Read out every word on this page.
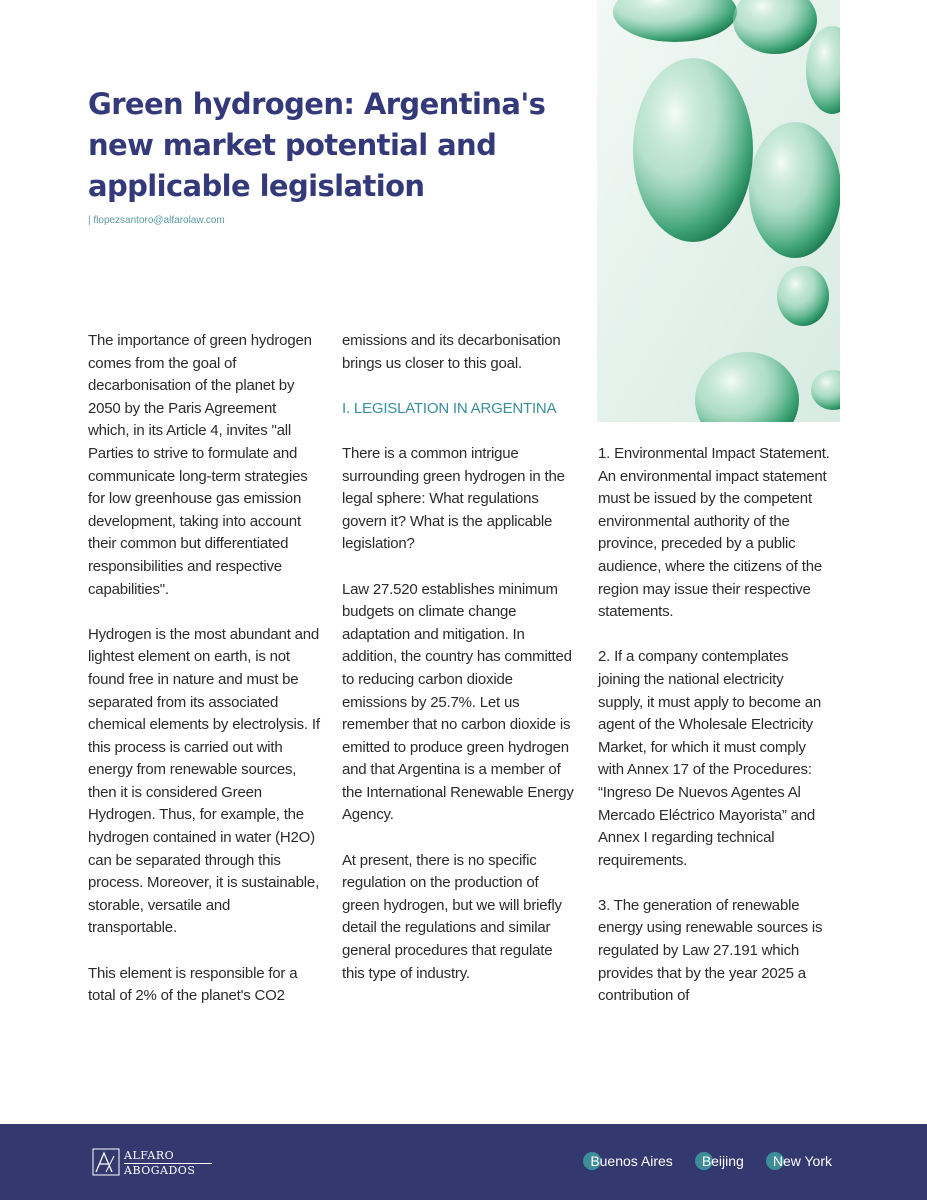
Green hydrogen: Argentina's new market potential and applicable legislation
| flopezsantoro@alfarolaw.com

The importance of green hydrogen comes from the goal of decarbonisation of the planet by 2050 by the Paris Agreement which, in its Article 4, invites "all Parties to strive to formulate and communicate long-term strategies for low greenhouse gas emission development, taking into account their common but differentiated responsibilities and respective capabilities".

Hydrogen is the most abundant and lightest element on earth, is not found free in nature and must be separated from its associated chemical elements by electrolysis. If this process is carried out with energy from renewable sources, then it is considered Green Hydrogen. Thus, for example, the hydrogen contained in water (H2O) can be separated through this process. Moreover, it is sustainable, storable, versatile and transportable.

This element is responsible for a total of 2% of the planet's CO2

emissions and its decarbonisation brings us closer to this goal.

I. LEGISLATION IN ARGENTINA

There is a common intrigue surrounding green hydrogen in the legal sphere: What regulations govern it? What is the applicable legislation?

Law 27.520 establishes minimum budgets on climate change adaptation and mitigation. In addition, the country has committed to reducing carbon dioxide emissions by 25.7%. Let us remember that no carbon dioxide is emitted to produce green hydrogen and that Argentina is a member of the International Renewable Energy Agency.

At present, there is no specific regulation on the production of green hydrogen, but we will briefly detail the regulations and similar general procedures that regulate this type of industry.

1. Environmental Impact Statement. An environmental impact statement must be issued by the competent environmental authority of the province, preceded by a public audience, where the citizens of the region may issue their respective statements.

2. If a company contemplates joining the national electricity supply, it must apply to become an agent of the Wholesale Electricity Market, for which it must comply with Annex 17 of the Procedures: “Ingreso De Nuevos Agentes Al Mercado Eléctrico Mayorista” and Annex I regarding technical requirements.

3. The generation of renewable energy using renewable sources is regulated by Law 27.191 which provides that by the year 2025 a contribution of

ALFARO
ABOGADOS
Buenos Aires	Beijing	New York
